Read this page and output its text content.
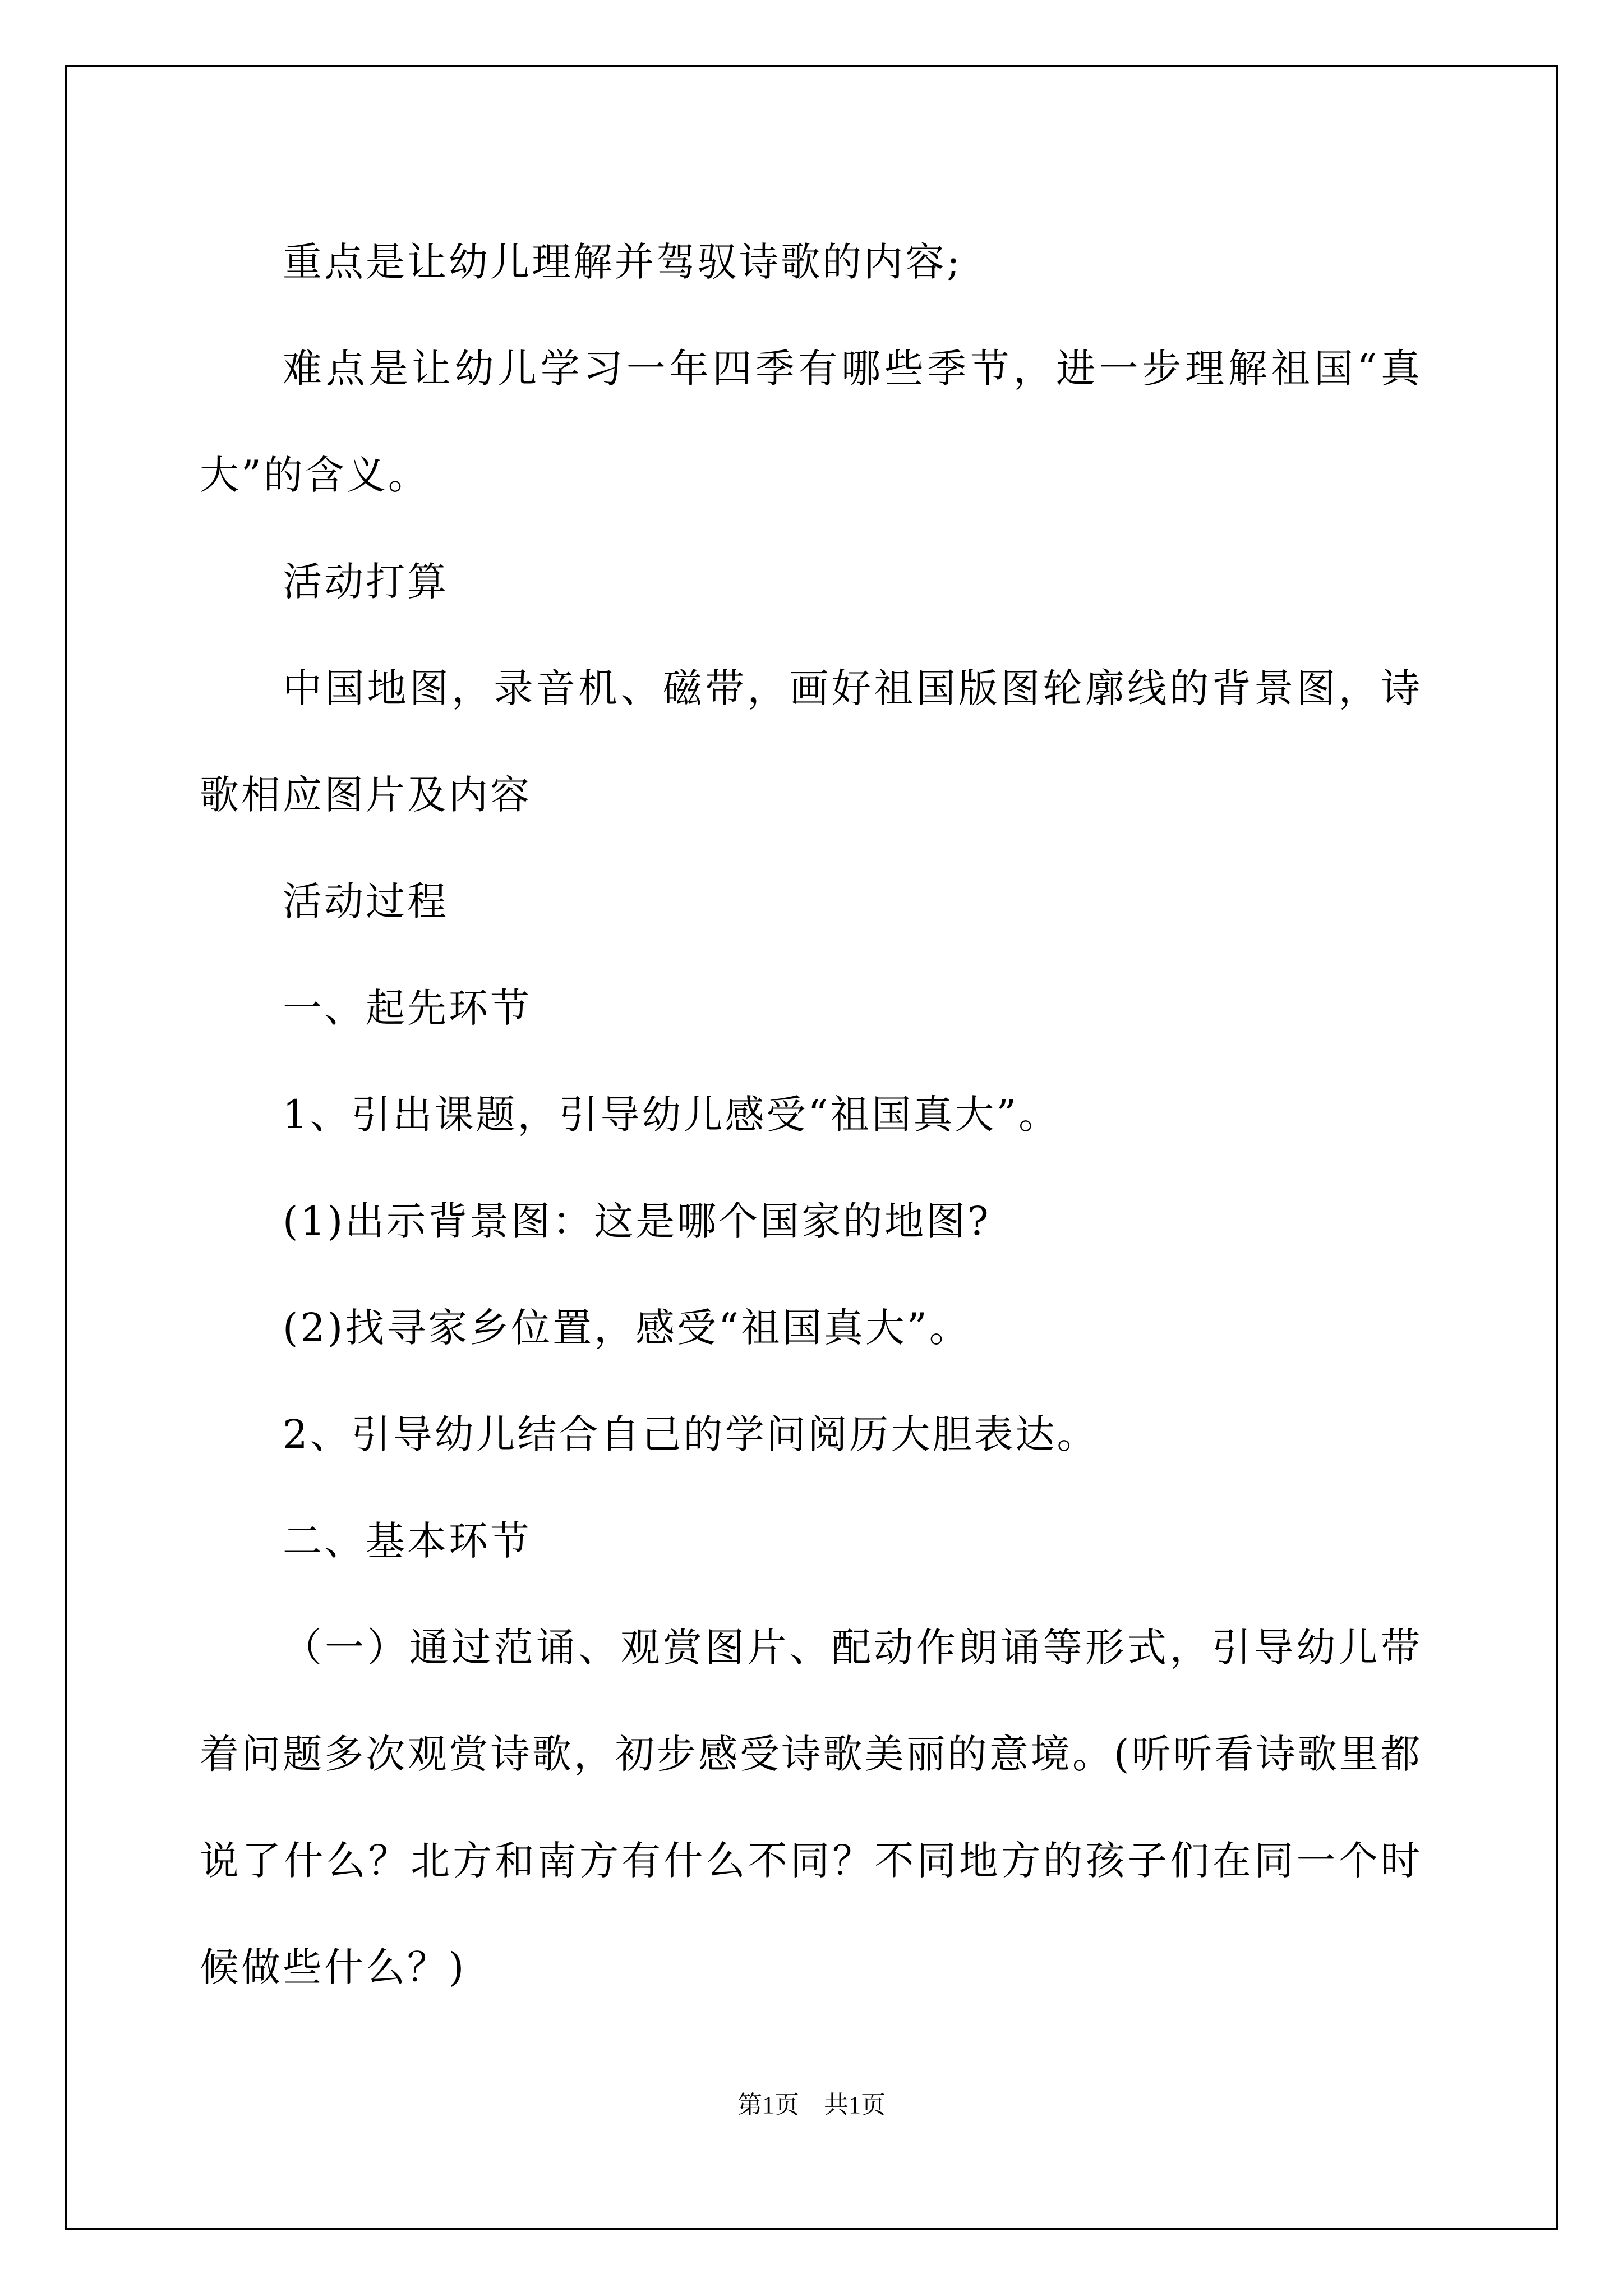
重点是让幼儿理解并驾驭诗歌的内容;

难点是让幼儿学习一年四季有哪些季节，进一步理解祖国“真大”的含义。

活动打算

中国地图，录音机、磁带，画好祖国版图轮廓线的背景图，诗歌相应图片及内容

活动过程

一、起先环节

1、引出课题，引导幼儿感受“祖国真大”。

(1)出示背景图：这是哪个国家的地图?

(2)找寻家乡位置，感受“祖国真大”。

2、引导幼儿结合自己的学问阅历大胆表达。

二、基本环节

（一）通过范诵、观赏图片、配动作朗诵等形式，引导幼儿带着问题多次观赏诗歌，初步感受诗歌美丽的意境。(听听看诗歌里都说了什么？北方和南方有什么不同？不同地方的孩子们在同一个时候做些什么？)

第1页　共1页
